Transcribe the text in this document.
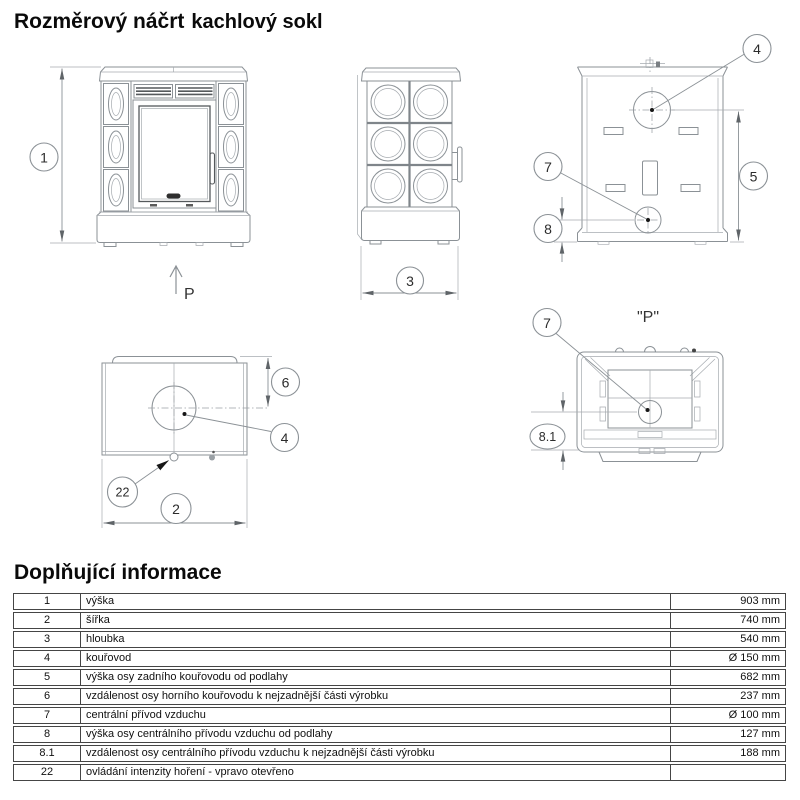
Rozměrový náčrt kachlový sokl
P
1
3
4
5
7
8
6
4
22
2
"P"
7
8.1
Doplňující informace
1	výška	903 mm
2	šířka	740 mm
3	hloubka	540 mm
4	kouřovod	Ø 150 mm
5	výška osy zadního kouřovodu od podlahy	682 mm
6	vzdálenost osy horního kouřovodu k nejzadnější části výrobku	237 mm
7	centrální přívod vzduchu	Ø 100 mm
8	výška osy centrálního přívodu vzduchu od podlahy	127 mm
8.1	vzdálenost osy centrálního přívodu vzduchu k nejzadnější části výrobku	188 mm
22	ovládání intenzity hoření - vpravo otevřeno	
